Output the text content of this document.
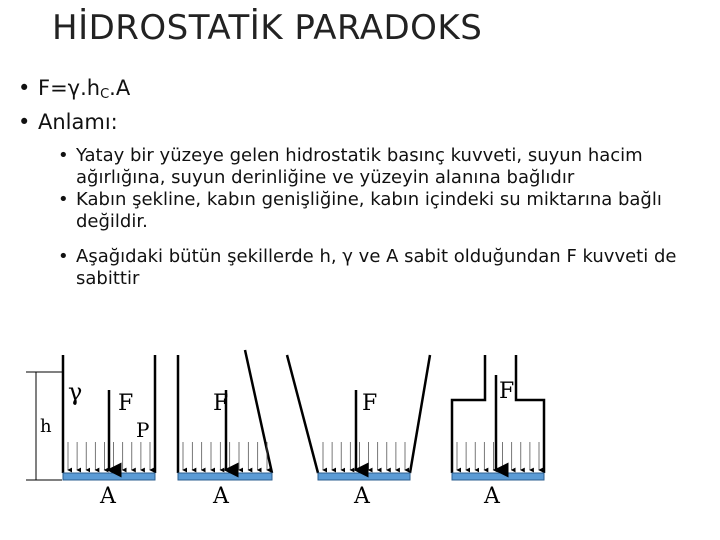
HİDROSTATİK PARADOKS
• $F=\gamma.h_C.A$
• Anlamı:
• Yatay bir yüzeye gelen hidrostatik basınç kuvveti, suyun hacim ağırlığına, suyun derinliğine ve yüzeyin alanına bağlıdır
• Kabın şekline, kabın genişliğine, kabın içindeki su miktarına bağlı değildir.
• Aşağıdaki bütün şekillerde h, γ ve A sabit olduğundan F kuvveti de sabittir
h
γ F
P
A
F
A
F
A
F
A
